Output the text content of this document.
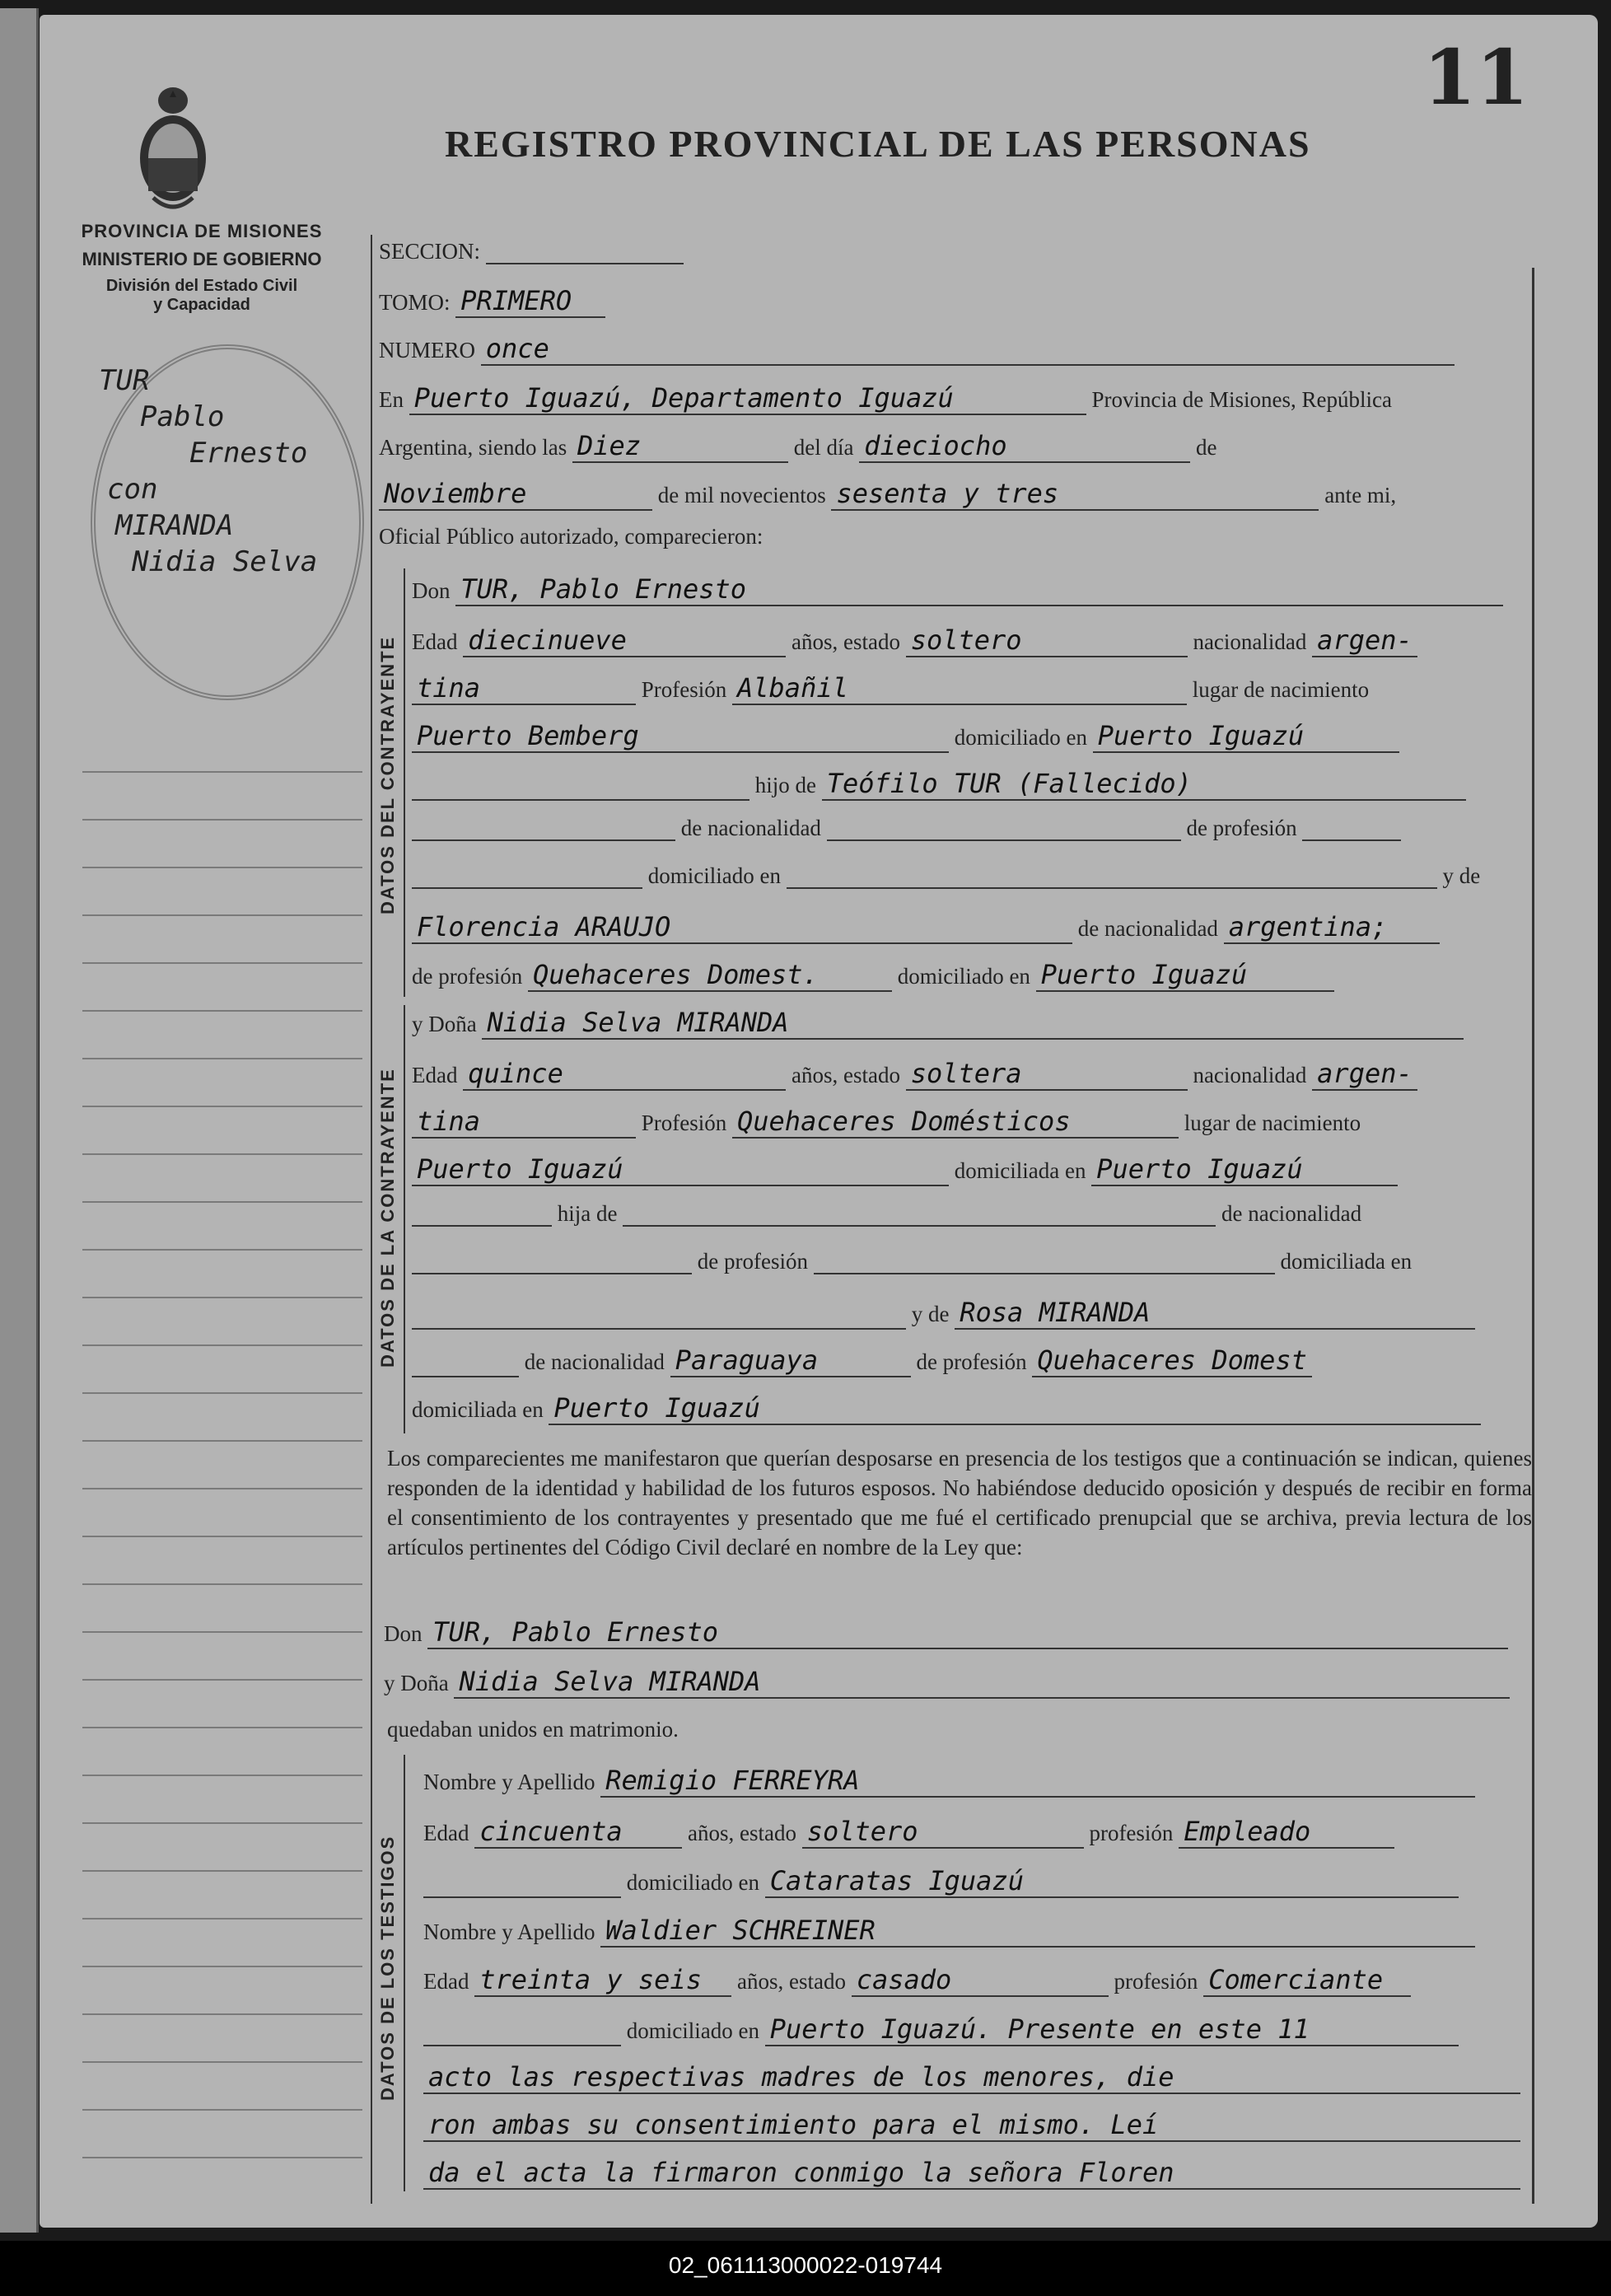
11
REGISTRO PROVINCIAL DE LAS PERSONAS
PROVINCIA DE MISIONES
MINISTERIO DE GOBIERNO
División del Estado Civil
y Capacidad
TUR
Pablo
Ernesto
con
MIRANDA
Nidia Selva
DATOS DEL CONTRAYENTE
DATOS DE LA CONTRAYENTE
DATOS DE LOS TESTIGOS
SECCION:
TOMO: PRIMERO
NUMERO once
En Puerto Iguazú, Departamento Iguazú	Provincia de Misiones, República
Argentina, siendo las Diez	del día dieciocho	de
Noviembre	de mil novecientos sesenta y tres	ante mi,
Oficial Público autorizado, comparecieron:
Don TUR, Pablo Ernesto
Edad diecinueve	años, estado soltero	nacionalidad argen-
tina	Profesión Albañil	lugar de nacimiento
Puerto Bemberg	domiciliado en Puerto Iguazú
hijo de Teófilo TUR (Fallecido)
de nacionalidad	de profesión
domiciliado en	y de
Florencia ARAUJO	de nacionalidad argentina;
de profesión Quehaceres Domest.	domiciliado en Puerto Iguazú
y Doña Nidia Selva MIRANDA
Edad quince	años, estado soltera	nacionalidad argen-
tina	Profesión Quehaceres Domésticos	lugar de nacimiento
Puerto Iguazú	domiciliada en Puerto Iguazú
hija de	de nacionalidad
de profesión	domiciliada en
y de Rosa MIRANDA
de nacionalidad Paraguaya	de profesión Quehaceres Domest
domiciliada en Puerto Iguazú
Los comparecientes me manifestaron que querían desposarse en presencia de los testigos que a continuación se indican, quienes responden de la identidad y habilidad de los futuros esposos. No habiéndose deducido oposición y después de recibir en forma el consentimiento de los contrayentes y presentado que me fué el certificado prenupcial que se archiva, previa lectura de los artículos pertinentes del Código Civil declaré en nombre de la Ley que:
Don TUR, Pablo Ernesto
y Doña Nidia Selva MIRANDA
quedaban unidos en matrimonio.
Nombre y Apellido Remigio FERREYRA
Edad cincuenta	años, estado soltero	profesión Empleado
domiciliado en Cataratas Iguazú
Nombre y Apellido Waldier SCHREINER
Edad treinta y seis años, estado casado	profesión Comerciante
domiciliado en Puerto Iguazú. Presente en este 11
acto las respectivas madres de los menores, die
ron ambas su consentimiento para el mismo. Leí
da el acta la firmaron conmigo la señora Floren
02_061113000022-019744
